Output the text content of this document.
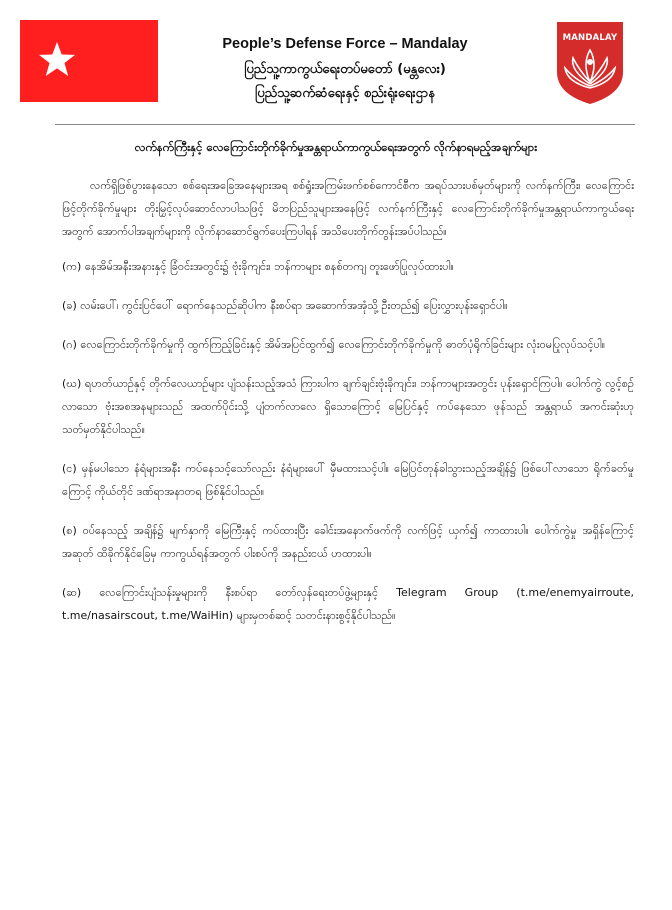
MANDALAY
People’s Defense Force – Mandalay
ပြည်သူ့ကာကွယ်ရေးတပ်မတော် (မန္တလေး)
ပြည်သူ့ဆက်ဆံရေးနှင့် စည်းရုံးရေးဌာန
လက်နက်ကြီးနှင့် လေကြောင်းတိုက်ခိုက်မှုအန္တရာယ်ကာကွယ်ရေးအတွက် လိုက်နာရမည့်အချက်များ

လက်ရှိဖြစ်ပွားနေသော စစ်ရေးအခြေအနေများအရ စစ်ရှုံးအကြမ်းဖက်စစ်ကောင်စီက အရပ်သားပစ်မှတ်များကို လက်နက်ကြီး၊ လေကြောင်းဖြင့်တိုက်ခိုက်မှုများ တိုးမြှင့်လုပ်ဆောင်လာပါသဖြင့် မိဘပြည်သူများအနေဖြင့် လက်နက်ကြီးနှင့် လေကြောင်းတိုက်ခိုက်မှုအန္တရာယ်ကာကွယ်ရေးအတွက် အောက်ပါအချက်များကို လိုက်နာဆောင်ရွက်ပေးကြပါရန် အသိပေးတိုက်တွန်းအပ်ပါသည်။

(က) နေအိမ်အနီးအနားနှင့် ခြံဝင်းအတွင်း၌ ဗုံးခိုကျင်း၊ ဘန်ကာများ စနစ်တကျ တူးဖော်ပြုလုပ်ထားပါ။

(ခ) လမ်းပေါ်၊ ကွင်းပြင်ပေါ် ရောက်နေသည်ဆိုပါက နီးစပ်ရာ အဆောက်အအုံသို့ ဦးတည်၍ ပြေးလွှားပုန်းရှောင်ပါ။

(ဂ) လေကြောင်းတိုက်ခိုက်မှုကို ထွက်ကြည့်ခြင်းနှင့် အိမ်အပြင်ထွက်၍ လေကြောင်းတိုက်ခိုက်မှုကို ဓာတ်ပုံရိုက်ခြင်းများ လုံးဝမပြုလုပ်သင့်ပါ။

(ဃ) ရဟတ်ယာဉ်နှင့် တိုက်လေယာဉ်များ ပျံသန်းသည့်အသံ ကြားပါက ချက်ချင်းဗုံးခိုကျင်း၊ ဘန်ကာများအတွင်း ပုန်းရှောင်ကြပါ။ ပေါက်ကွဲ လွင့်စဉ်လာသော ဗုံးအစအနများသည် အထက်ပိုင်းသို့ ပျံတက်လာလေ ရှိသောကြောင့် မြေပြင်နှင့် ကပ်နေသော ဖုန်သည် အန္တရာယ် အကင်းဆုံးဟု သတ်မှတ်နိုင်ပါသည်။

(င) မှန်မပါသော နံရံများအနီး ကပ်နေသင့်သော်လည်း နံရံများပေါ် မှီမထားသင့်ပါ။ မြေပြင်တုန်ခါသွားသည့်အချိန်၌ ဖြစ်ပေါ်လာသော ရိုက်ခတ်မှုကြောင့် ကိုယ်တိုင် ဒဏ်ရာအနာတရ ဖြစ်နိုင်ပါသည်။

(စ) ဝပ်နေသည့် အချိန်၌ မျက်နှာကို မြေကြီးနှင့် ကပ်ထားပြီး ခေါင်းအနောက်ဖက်ကို လက်ဖြင့် ယှက်၍ ကာထားပါ။ ပေါက်ကွဲမှု အရှိန်ကြောင့် အဆုတ် ထိခိုက်နိုင်ခြေမှ ကာကွယ်ရန်အတွက် ပါးစပ်ကို အနည်းငယ် ဟထားပါ။

(ဆ) လေကြောင်းပျံသန်းမှုများကို နီးစပ်ရာ တော်လှန်ရေးတပ်ဖွဲ့များနှင့် Telegram Group (t.me/enemyairroute, t.me/nasairscout, t.me/WaiHin) များမှတစ်ဆင့် သတင်းနားစွင့်နိုင်ပါသည်။
